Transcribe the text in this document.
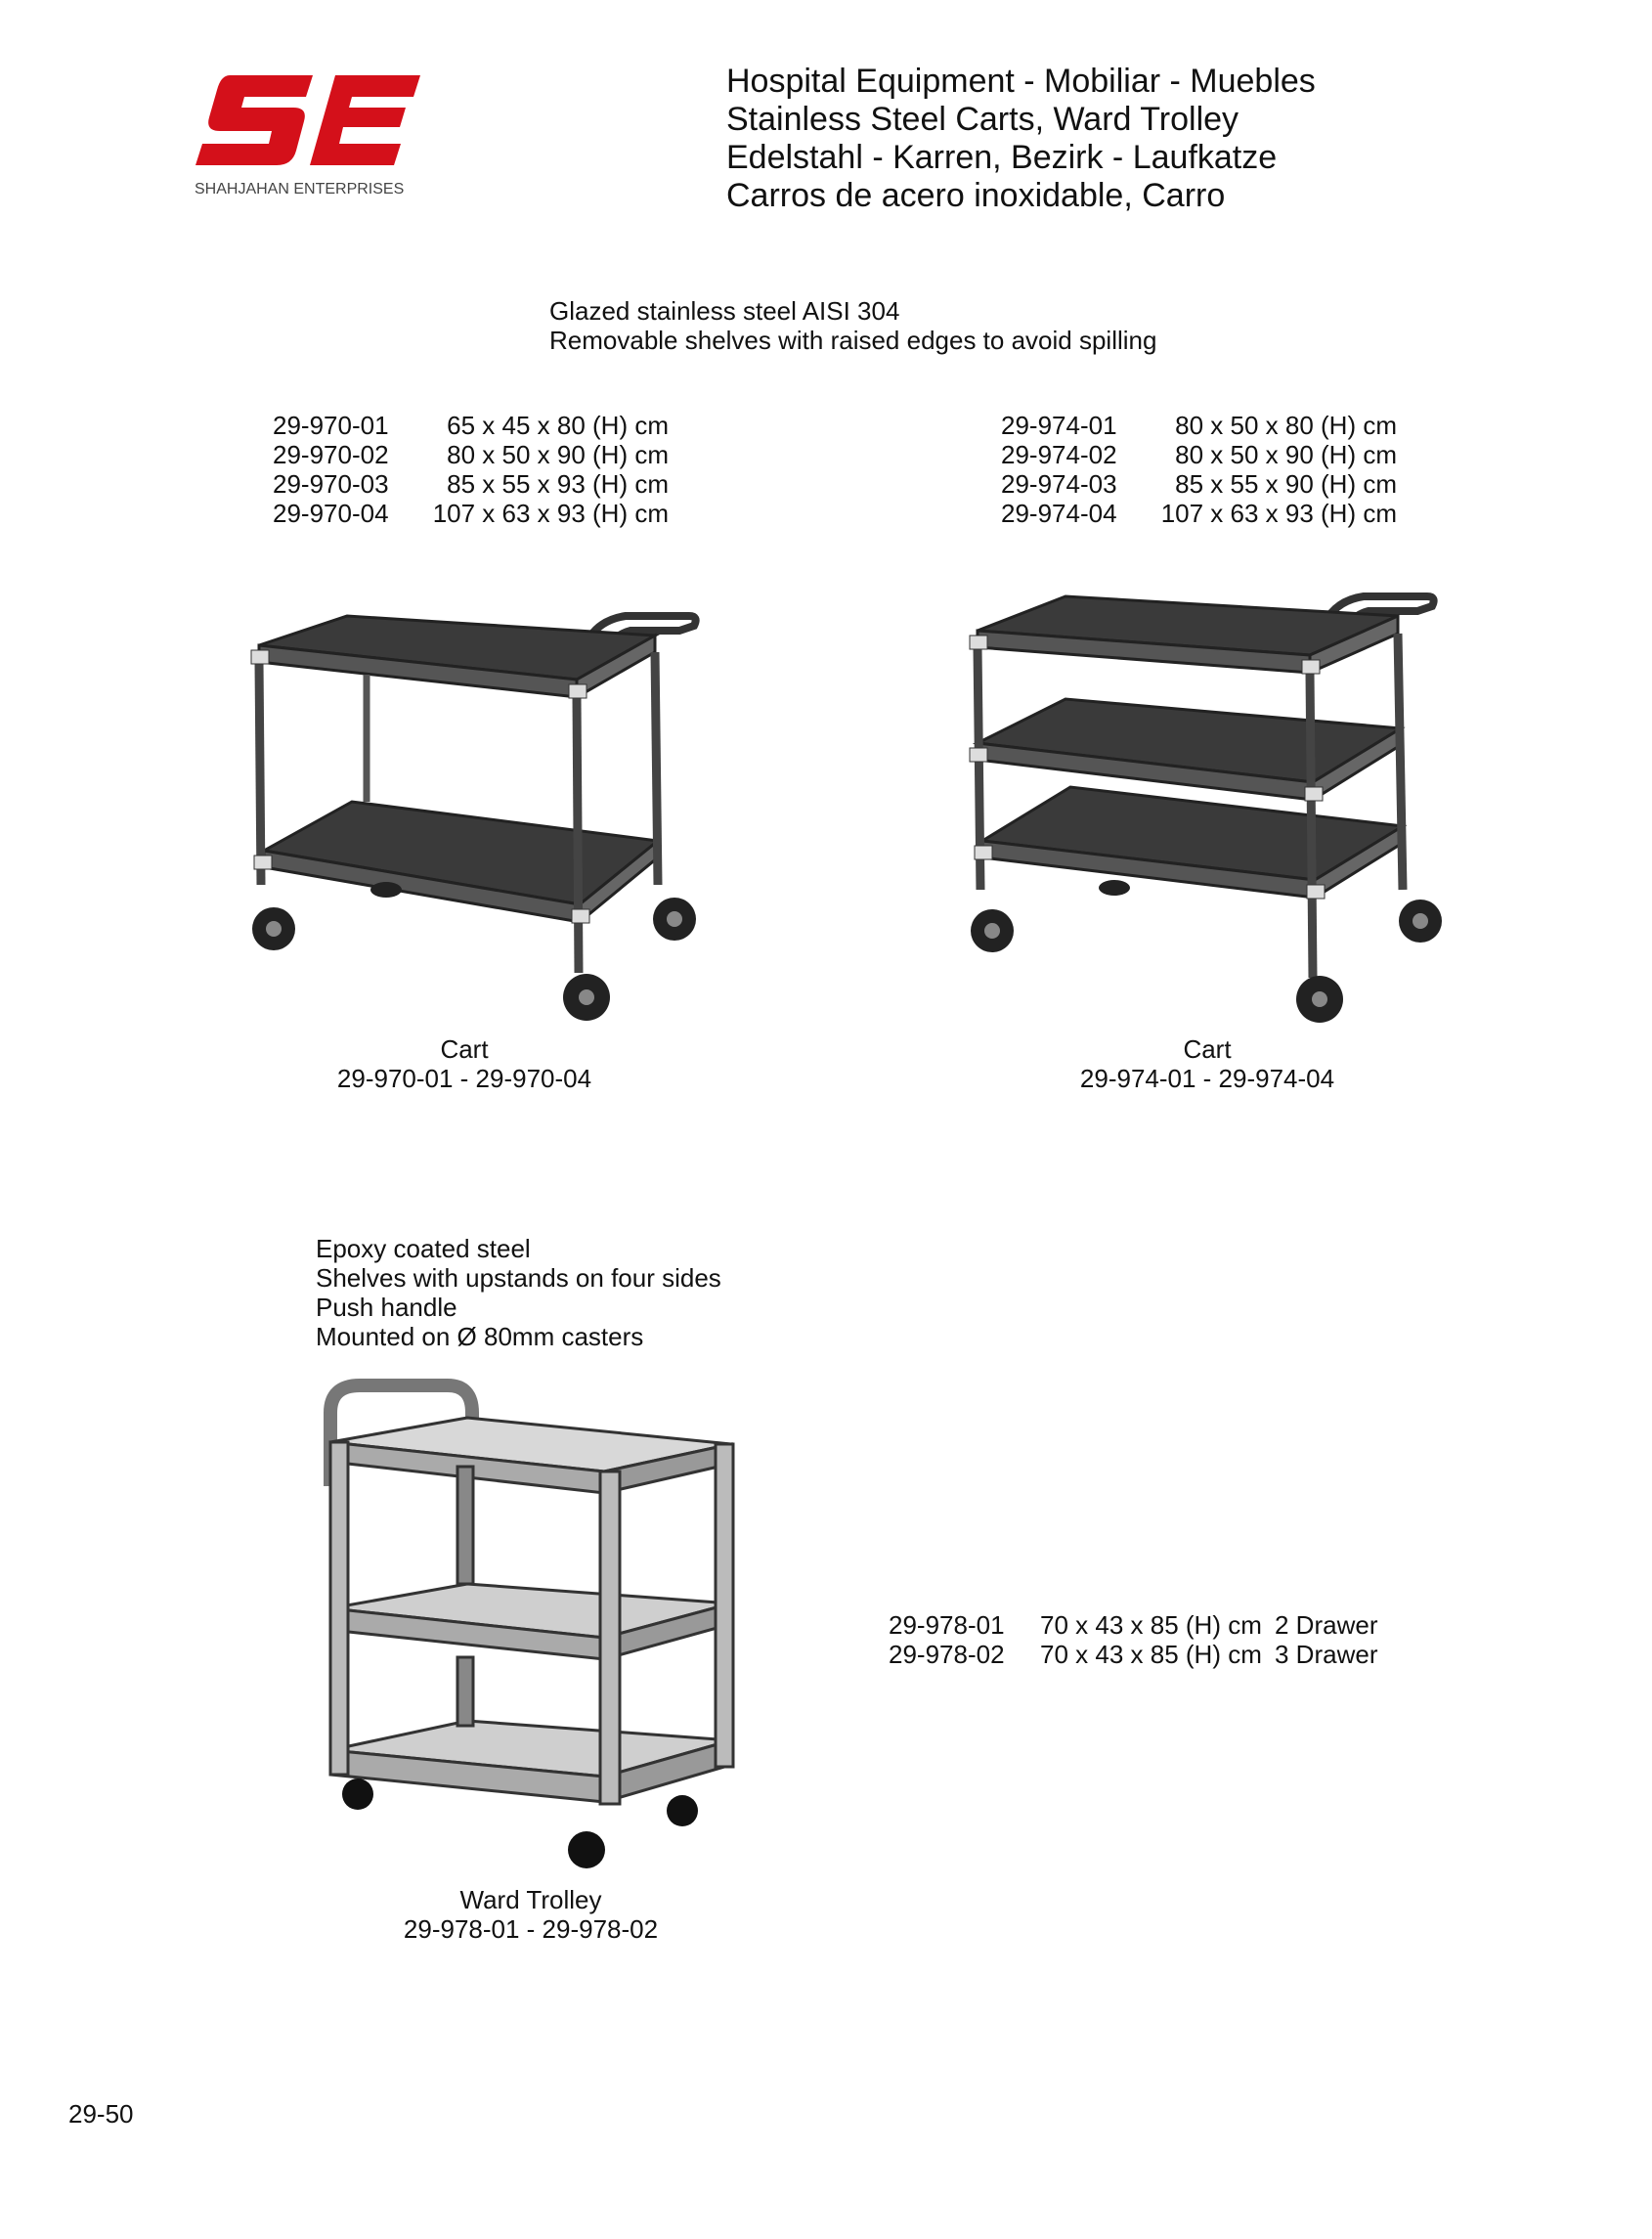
SHAHJAHAN ENTERPRISES
Hospital Equipment - Mobiliar - Muebles
Stainless Steel Carts, Ward Trolley
Edelstahl - Karren, Bezirk - Laufkatze
Carros de acero inoxidable, Carro
Glazed stainless steel AISI 304
Removable shelves with raised edges to avoid spilling
29-970-01	65 x 45 x 80 (H) cm
29-970-02	80 x 50 x 90 (H) cm
29-970-03	85 x 55 x 93 (H) cm
29-970-04	107 x 63 x 93 (H) cm
29-974-01	80 x 50 x 80 (H) cm
29-974-02	80 x 50 x 90 (H) cm
29-974-03	85 x 55 x 90 (H) cm
29-974-04	107 x 63 x 93 (H) cm
Cart
29-970-01 - 29-970-04
Cart
29-974-01 - 29-974-04
Epoxy coated steel
Shelves with upstands on four sides
Push handle
Mounted on Ø 80mm casters
Ward Trolley
29-978-01 - 29-978-02
29-978-01	70 x 43 x 85 (H) cm 2 Drawer
29-978-02	70 x 43 x 85 (H) cm 3 Drawer
29-50
